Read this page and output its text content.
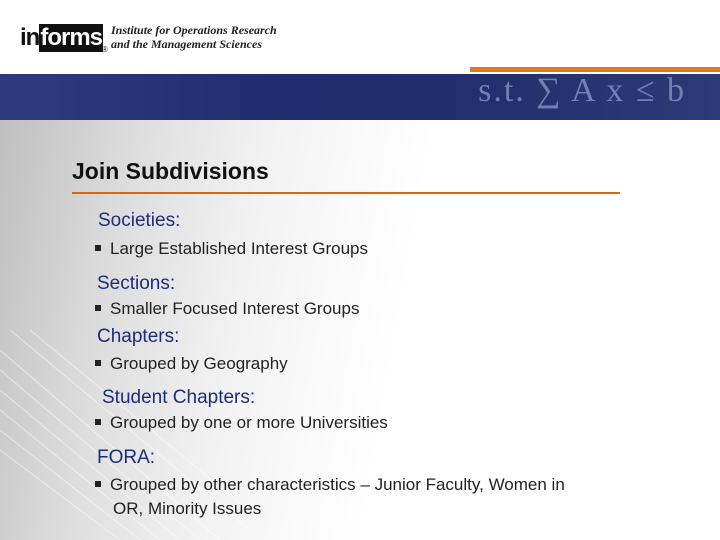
informs ®
Institute for Operations Research
and the Management Sciences
s.t. ∑ A x ≤ b
Join Subdivisions
Societies:
Large Established Interest Groups
Sections:
Smaller Focused Interest Groups
Chapters:
Grouped by Geography
Student Chapters:
Grouped by one or more Universities
FORA:
Grouped by other characteristics – Junior Faculty, Women in
OR, Minority Issues
